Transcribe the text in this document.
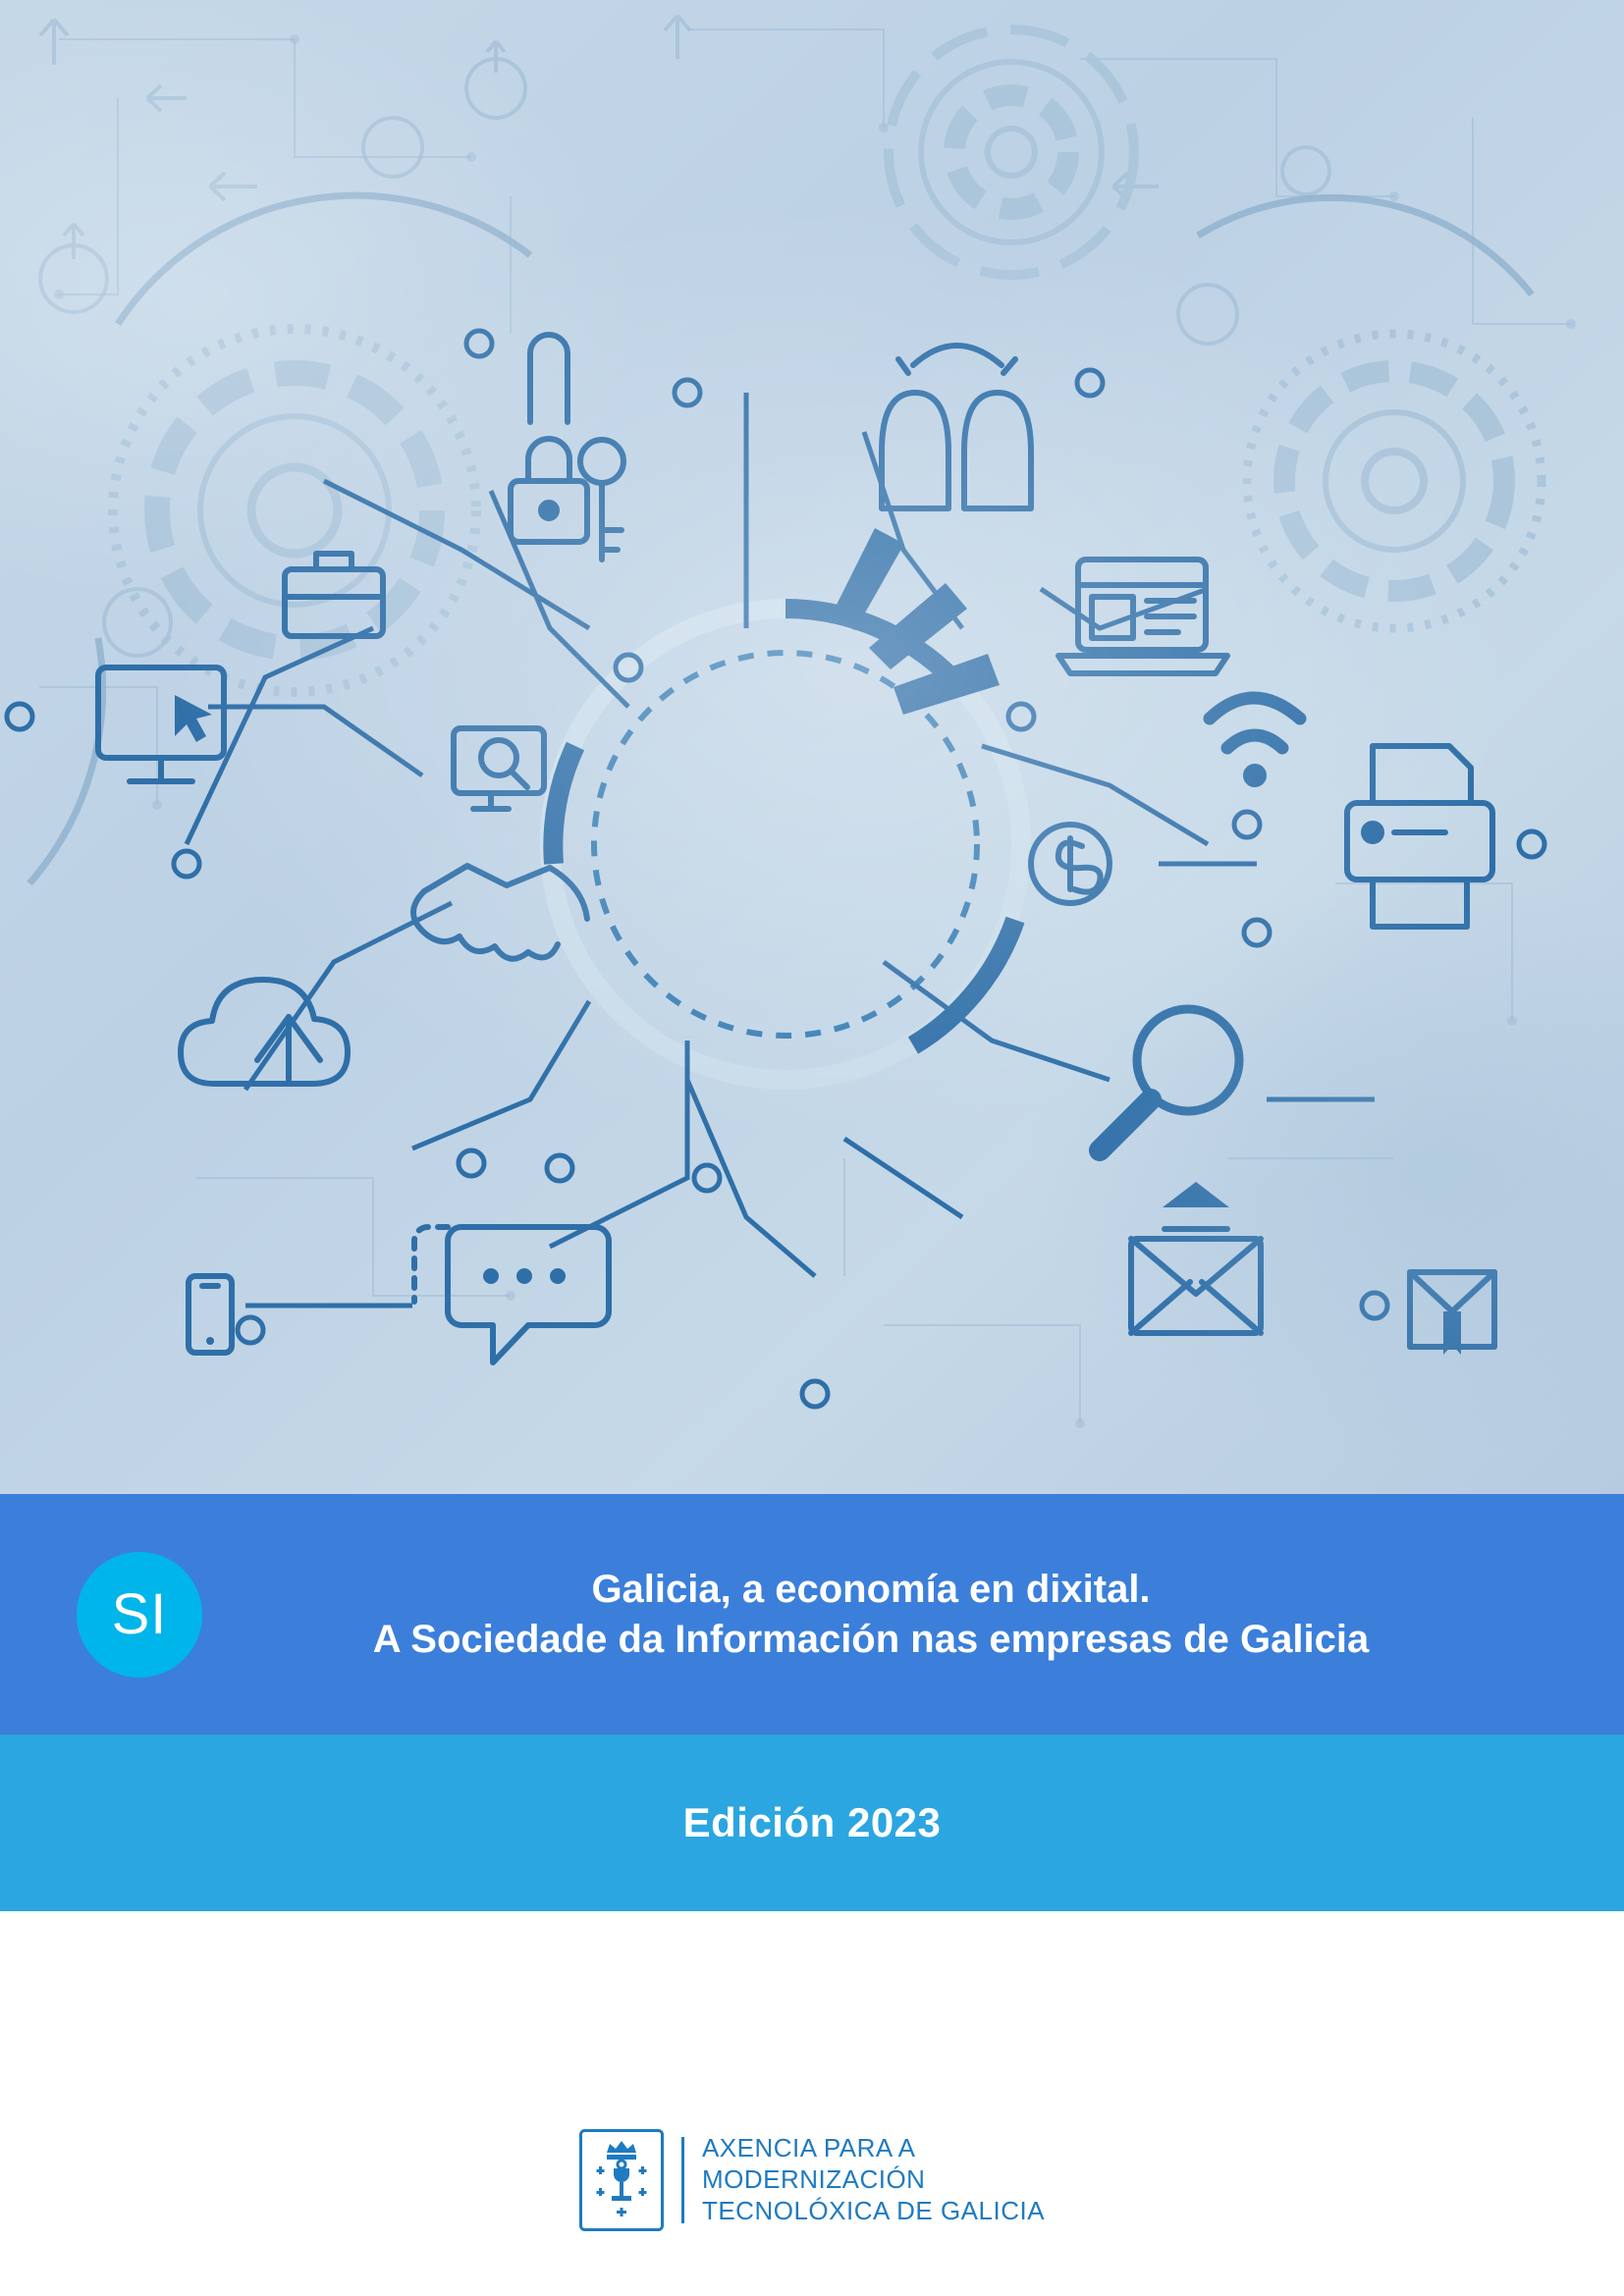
SI	Galicia, a economía en dixital.
A Sociedade da Información nas empresas de Galicia
Edición 2023
AXENCIA PARA A
MODERNIZACIÓN
TECNOLÓXICA DE GALICIA
